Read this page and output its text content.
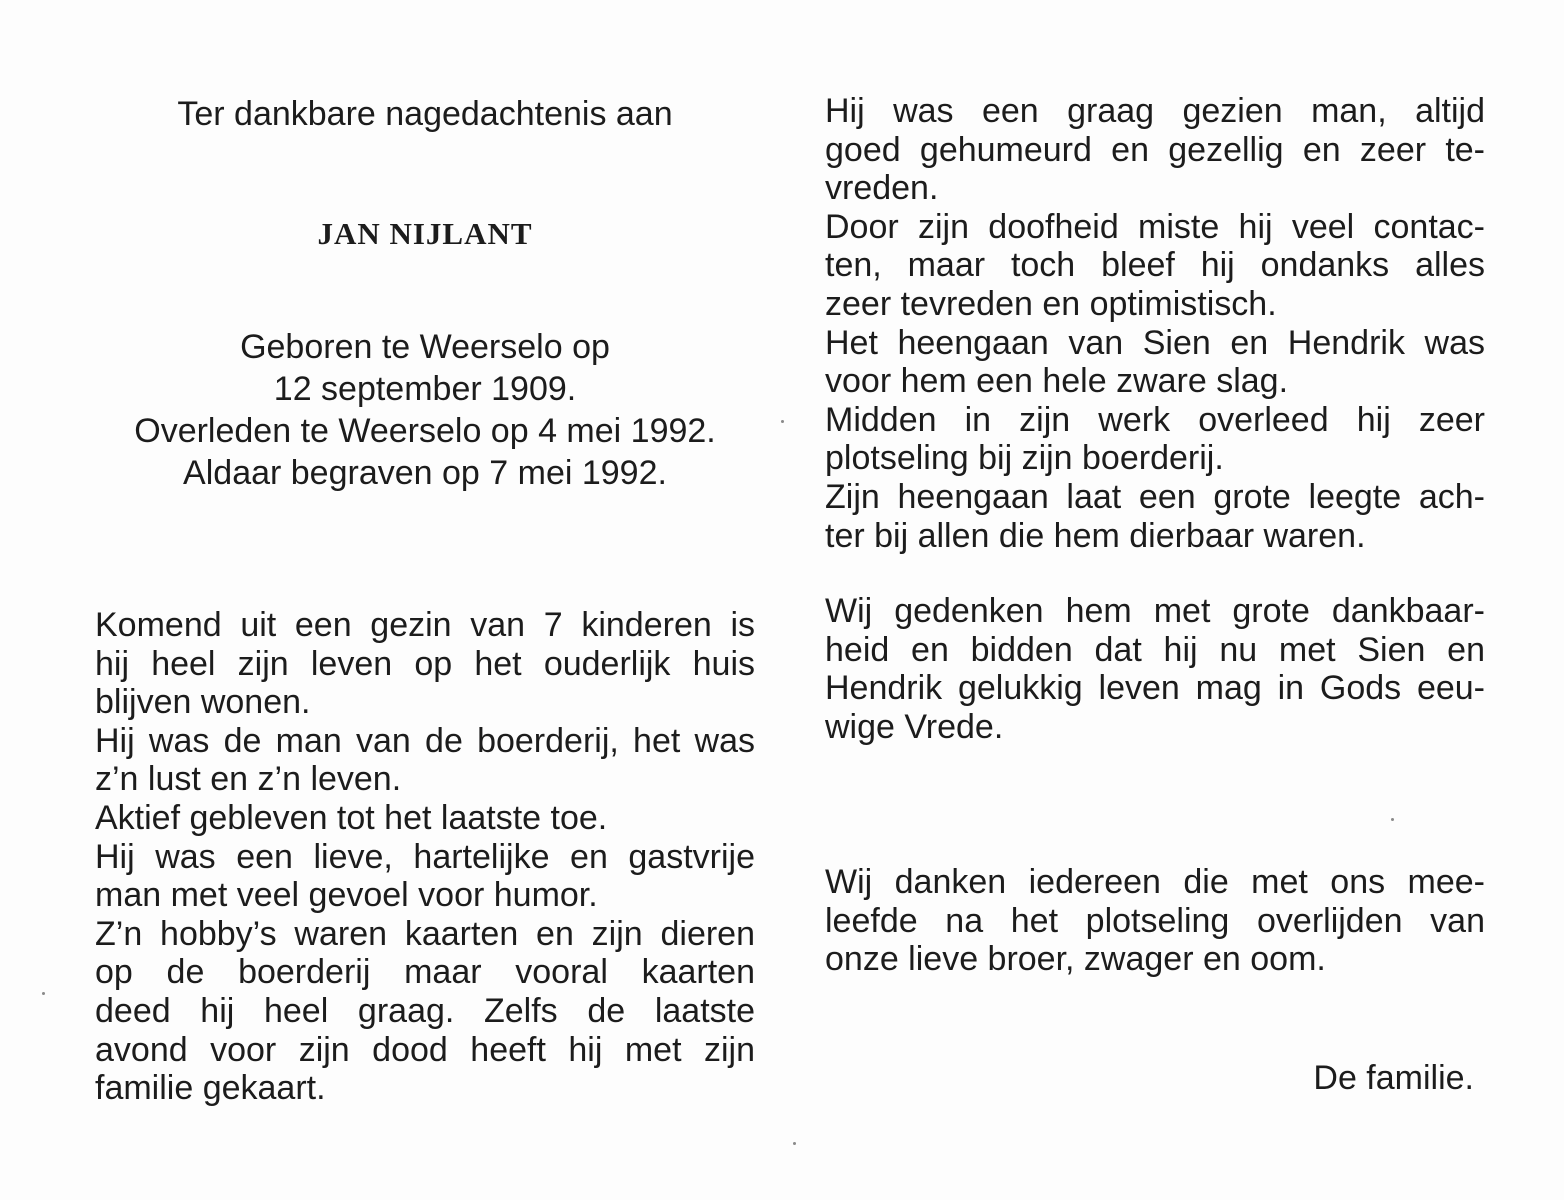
Ter dankbare nagedachtenis aan
JAN NIJLANT
Geboren te Weerselo op
12 september 1909.
Overleden te Weerselo op 4 mei 1992.
Aldaar begraven op 7 mei 1992.
Komend uit een gezin van 7 kinderen is
hij heel zijn leven op het ouderlijk huis
blijven wonen.
Hij was de man van de boerderij, het was
z’n lust en z’n leven.
Aktief gebleven tot het laatste toe.
Hij was een lieve, hartelijke en gastvrije
man met veel gevoel voor humor.
Z’n hobby’s waren kaarten en zijn dieren
op de boerderij maar vooral kaarten
deed hij heel graag. Zelfs de laatste
avond voor zijn dood heeft hij met zijn
familie gekaart.
Hij was een graag gezien man, altijd
goed gehumeurd en gezellig en zeer te-
vreden.
Door zijn doofheid miste hij veel contac-
ten, maar toch bleef hij ondanks alles
zeer tevreden en optimistisch.
Het heengaan van Sien en Hendrik was
voor hem een hele zware slag.
Midden in zijn werk overleed hij zeer
plotseling bij zijn boerderij.
Zijn heengaan laat een grote leegte ach-
ter bij allen die hem dierbaar waren.
Wij gedenken hem met grote dankbaar-
heid en bidden dat hij nu met Sien en
Hendrik gelukkig leven mag in Gods eeu-
wige Vrede.
Wij danken iedereen die met ons mee-
leefde na het plotseling overlijden van
onze lieve broer, zwager en oom.
De familie.
